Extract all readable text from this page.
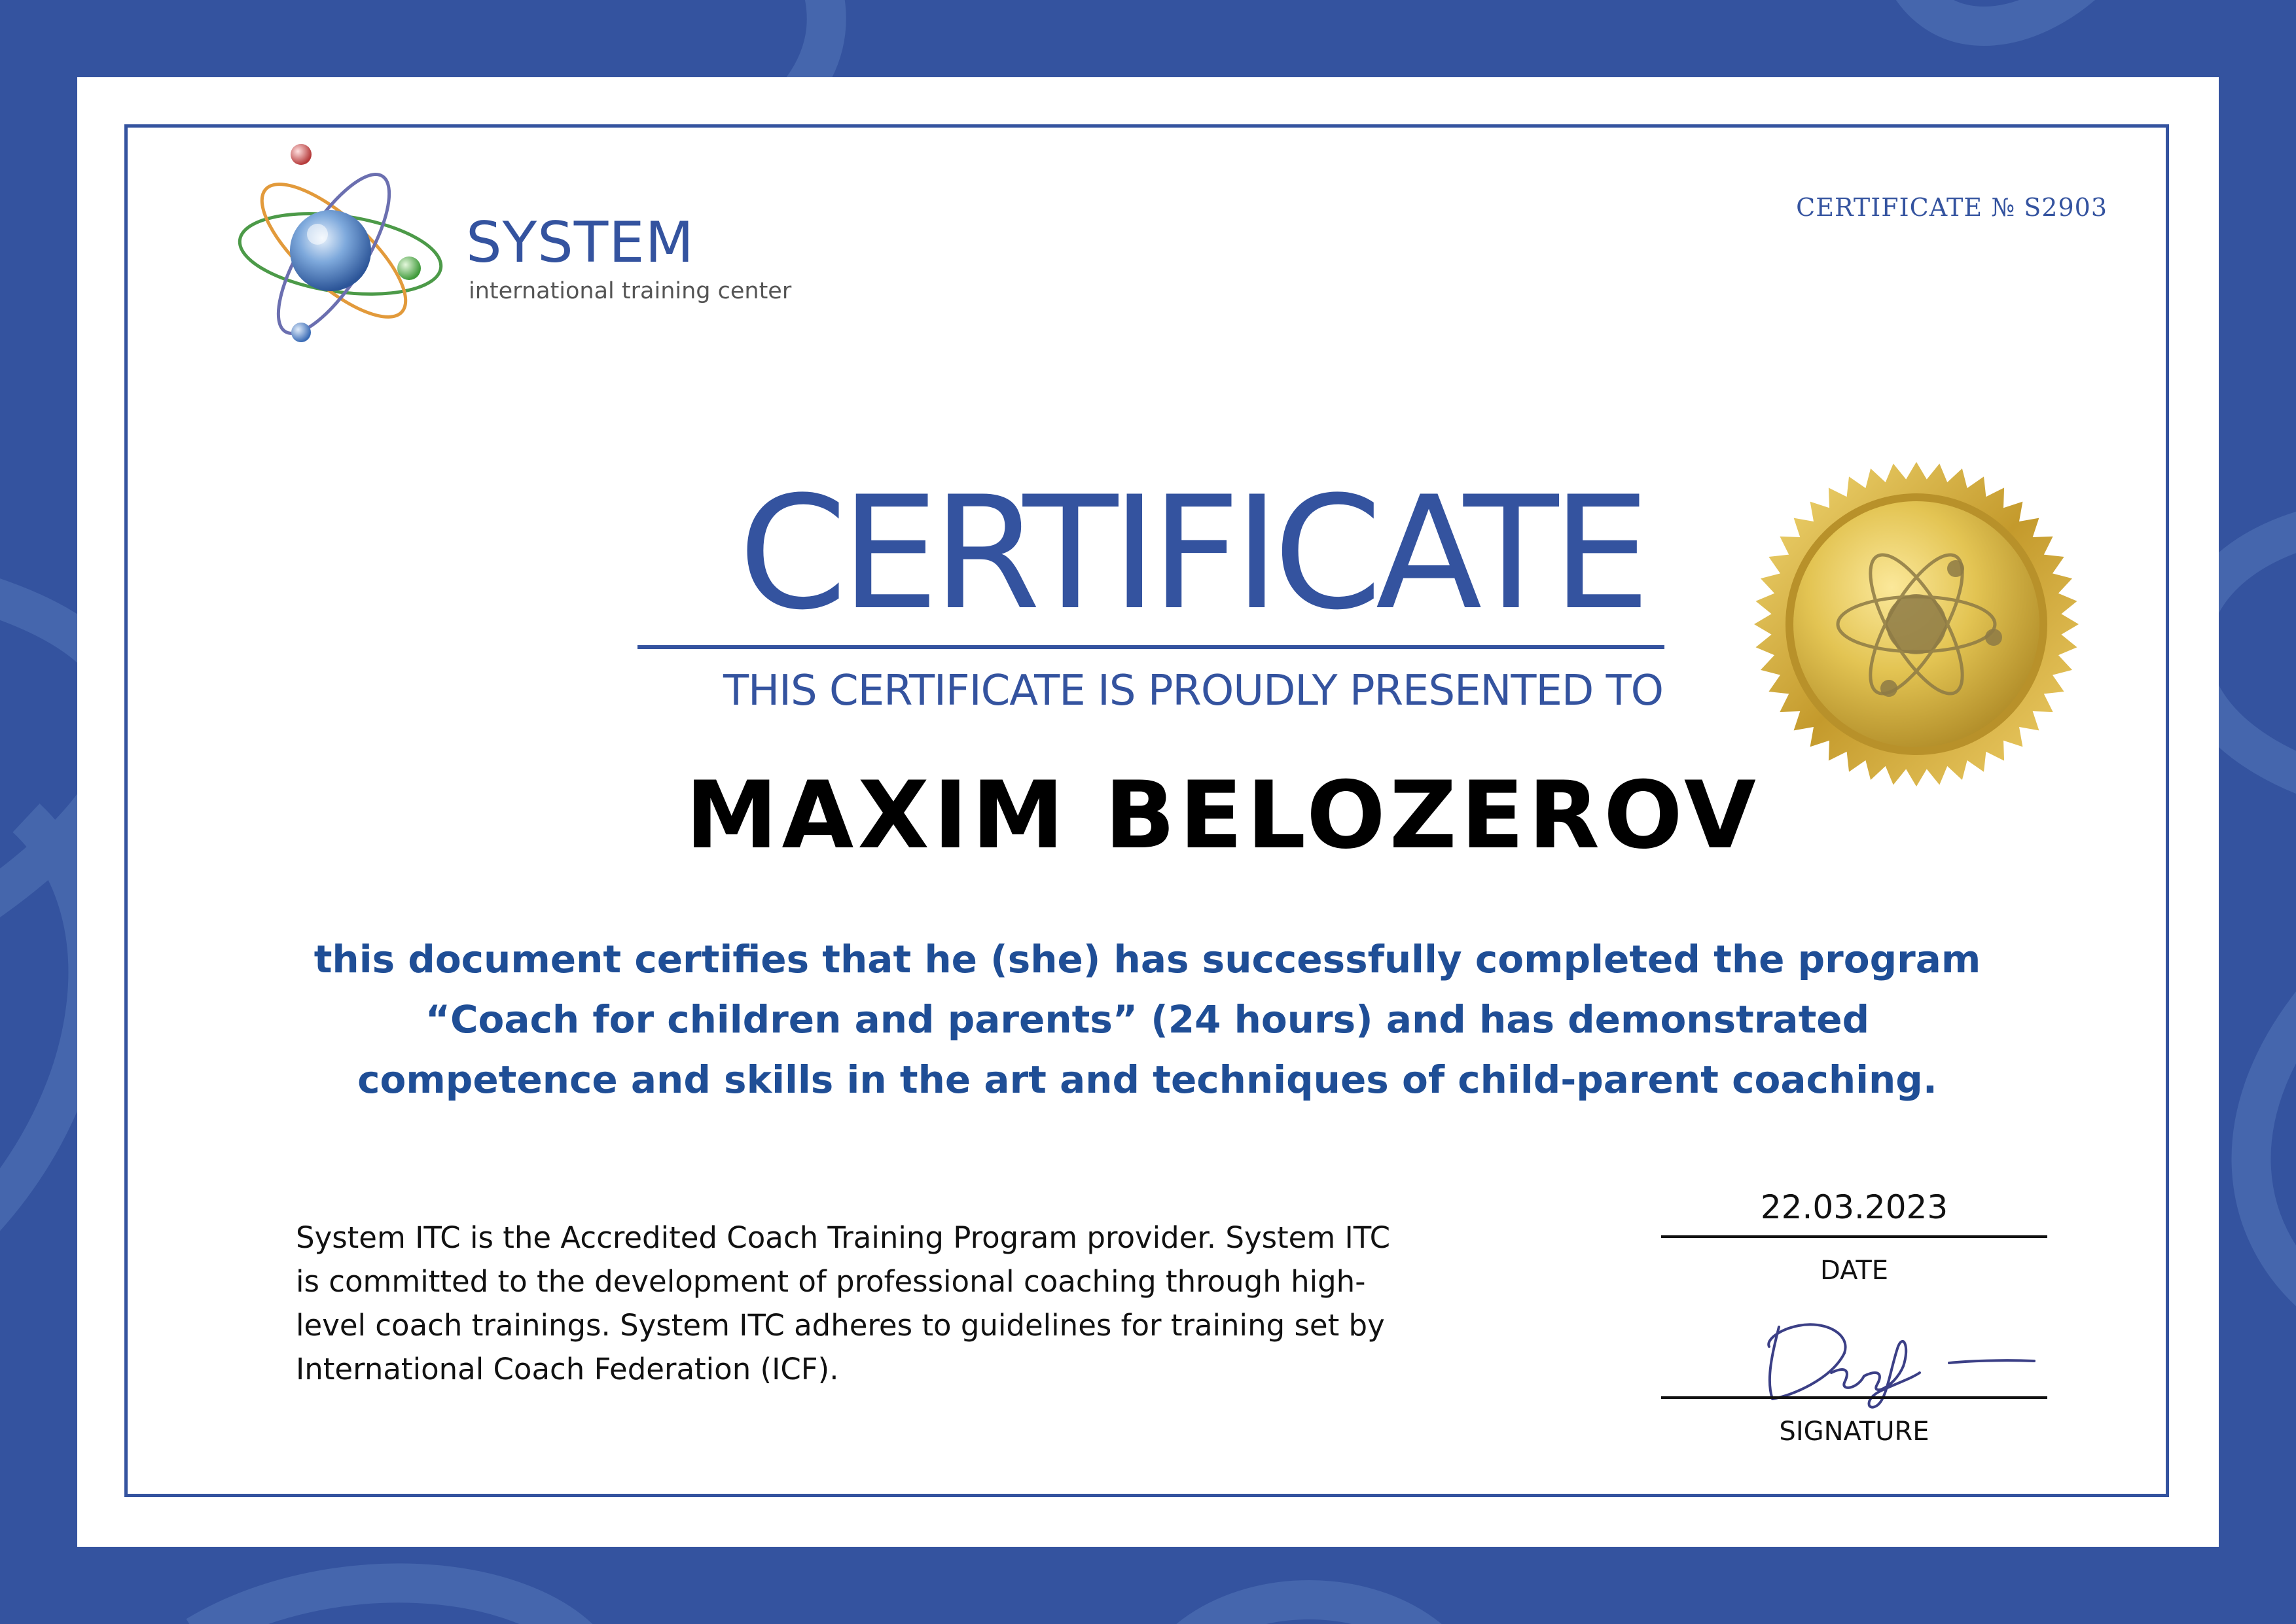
SYSTEM
international training center
CERTIFICATE № S2903
CERTIFICATE
THIS CERTIFICATE IS PROUDLY PRESENTED TO
MAXIM BELOZEROV
this document certifies that he (she) has successfully completed the program
“Coach for children and parents” (24 hours) and has demonstrated
competence and skills in the art and techniques of child-parent coaching.
System ITC is the Accredited Coach Training Program provider. System ITC
is committed to the development of professional coaching through high-
level coach trainings. System ITC adheres to guidelines for training set by
International Coach Federation (ICF).
22.03.2023
DATE
SIGNATURE
